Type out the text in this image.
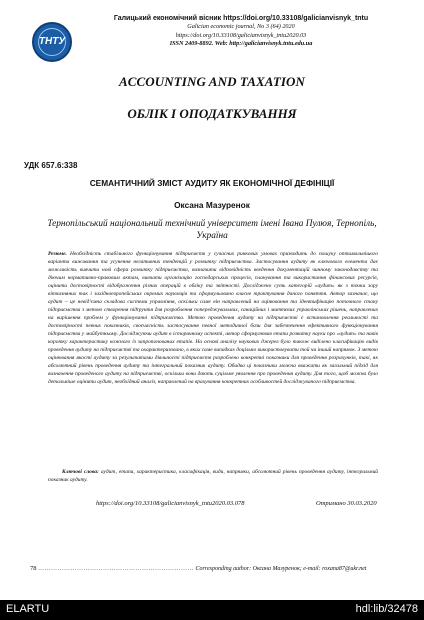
ТНТУ
Галицький економічний вісник https://doi.org/10.33108/galicianvisnyk_tntu
Galician economic journal, No 3 (64) 2020
https://doi.org/10.33108/galicianvisnyk_tntu2020.03
ISSN 2409-8892. Web: http://galicianvisnyk.tntu.edu.ua
ACCOUNTING AND TAXATION
ОБЛІК І ОПОДАТКУВАННЯ
УДК 657.6:338
СЕМАНТИЧНИЙ ЗМІСТ АУДИТУ ЯК ЕКОНОМІЧНОЇ ДЕФІНІЦІЇ
Оксана Мазуренок
Тернопільський національний технічний університет імені Івана Пулюя, Тернопіль, Україна
Резюме. Необхідність стабільного функціонування підприємств у сучасних ринкових умовах призводить до пошуку оптимальнішого варіанта виживання та усунення негативних тенденцій у розвитку підприємства. Застосування аудиту як ключового елемента дає можливість вивчити нові сфери розвитку підприємства, визначити відповідність введення документацій чинному законодавству та діючим нормативно-правовим актам, вивчати організацію господарських процесів, планування та використання фінансових ресурсів, оцінити достовірності відображення різних операцій в обліку та звітності. Досліджено суть категорій «аудит» як з точки зору вітчизняних так і західноєвропейських окремих науковців та сформульовано власне трактування даного поняття. Автор зазначає, що аудит – це невід'ємна складова системи управління, оскільки саме він направлений на оцінювання та ідентифікацію поточного стану підприємства з метою створення підґрунтя для розроблення попереджувальних, санаційних і миттєвих управлінських рішень, направлених на вирішення проблем у функціонуванні підприємства. Метою проведення аудиту на підприємстві є встановлення реальності та достовірності певних показників, своєчасність застосування певної методичної бази для забезпечення ефективного функціонування підприємства у майбутньому. Досліджуючи аудит в історичному аспекті, автор сформулював етапи розвитку науки про «аудит» та навів коротку характеристику кожного із запропонованих етапів. На основі аналізу наукових джерел було також виділено класифікацію видів проведення аудиту на підприємстві та охарактеризовано, в яких саме випадках доцільно використовувати той чи інший напрямок. З метою оцінювання якості аудиту за результатами діяльності підприємств розроблено конкретні показники для проведення розрахунків, такі, як абсолютний рівень проведення аудиту та інтегральний показник аудиту. Обидва ці показники можна вважати як загальний підхід для визначення проведеного аудиту на підприємстві, оскільки вони дають суцільне уявлення про проведення аудиту. Для того, щоб можна було детальніше оцінити аудит, необхідний аналіз, направлений на врахування конкретних особливостей досліджуваного підприємства.
Ключові слова: аудит, етапи, характеристика, класифікація, види, напрямки, абсолютний рівень проведення аудиту, інтегральний показник аудиту.
https://doi.org/10.33108/galicianvisnyk_tntu2020.03.078	Отримано 30.03.2020
78 ……………………………………………………………… Corresponding author: Оксана Мазуренок; e-mail: roxana87@ukr.net
ELARTU	hdl:lib/32478
